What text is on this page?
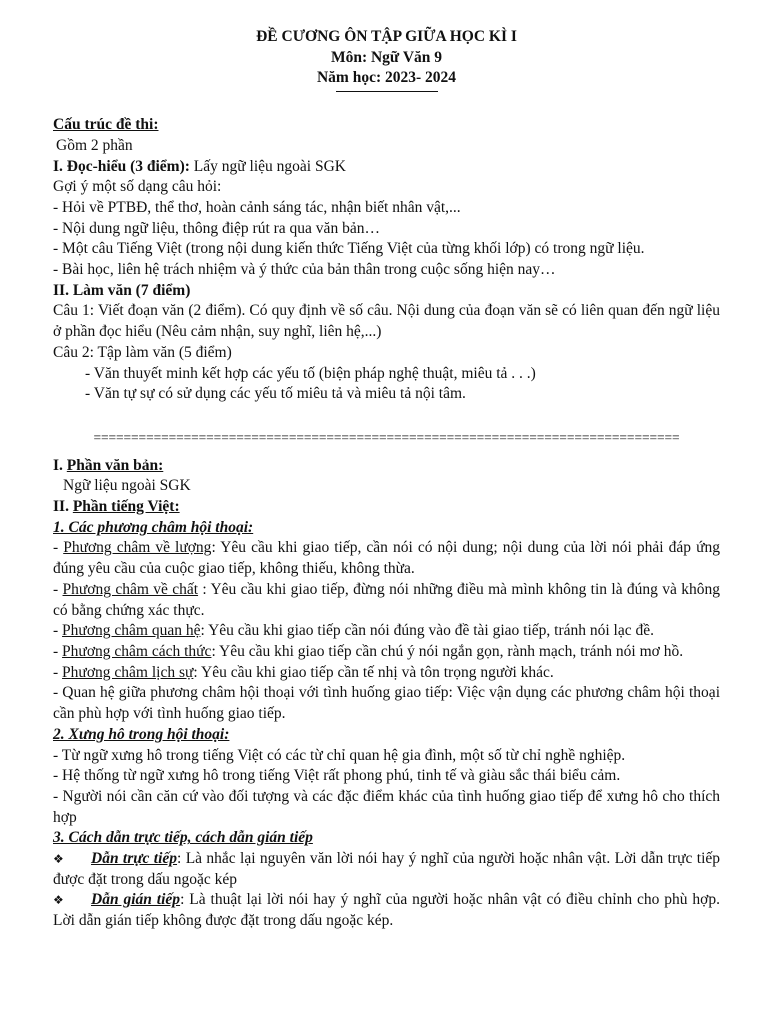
ĐỀ CƯƠNG ÔN TẬP GIỮA HỌC KÌ I
Môn: Ngữ Văn 9
Năm học: 2023- 2024

Cấu trúc đề thi:

Gồm 2 phần

I. Đọc-hiểu (3 điểm): Lấy ngữ liệu ngoài SGK

Gợi ý một số dạng câu hỏi:

- Hỏi về PTBĐ, thể thơ, hoàn cảnh sáng tác, nhận biết nhân vật,...

- Nội dung ngữ liệu, thông điệp rút ra qua văn bản…

- Một câu Tiếng Việt (trong nội dung kiến thức Tiếng Việt của từng khối lớp) có trong ngữ liệu.

- Bài học, liên hệ trách nhiệm và ý thức của bản thân trong cuộc sống hiện nay…

II. Làm văn (7 điểm)

Câu 1: Viết đoạn văn (2 điểm). Có quy định về số câu. Nội dung của đoạn văn sẽ có liên quan đến ngữ liệu ở phần đọc hiểu (Nêu cảm nhận, suy nghĩ, liên hệ,...)

Câu 2: Tập làm văn (5 điểm)

- Văn thuyết minh kết hợp các yếu tố (biện pháp nghệ thuật, miêu tả . . .)

- Văn tự sự có sử dụng các yếu tố miêu tả và miêu tả nội tâm.

==============================================================================

I. Phần văn bản:

Ngữ liệu ngoài SGK

II. Phần tiếng Việt:

1. Các phương châm hội thoại:

- Phương châm về lượng: Yêu cầu khi giao tiếp, cần nói có nội dung; nội dung của lời nói phải đáp ứng đúng yêu cầu của cuộc giao tiếp, không thiếu, không thừa.

- Phương châm về chất : Yêu cầu khi giao tiếp, đừng nói những điều mà mình không tin là đúng và không có bằng chứng xác thực.

- Phương châm quan hệ: Yêu cầu khi giao tiếp cần nói đúng vào đề tài giao tiếp, tránh nói lạc đề.

- Phương châm cách thức: Yêu cầu khi giao tiếp cần chú ý nói ngắn gọn, rành mạch, tránh nói mơ hồ.

- Phương châm lịch sự: Yêu cầu khi giao tiếp cần tế nhị và tôn trọng người khác.

- Quan hệ giữa phương châm hội thoại với tình huống giao tiếp: Việc vận dụng các phương châm hội thoại cần phù hợp với tình huống giao tiếp.

2. Xưng hô trong hội thoại:

- Từ ngữ xưng hô trong tiếng Việt có các từ chỉ quan hệ gia đình, một số từ chỉ nghề nghiệp.

- Hệ thống từ ngữ xưng hô trong tiếng Việt rất phong phú, tinh tế và giàu sắc thái biểu cảm.

- Người nói cần căn cứ vào đối tượng và các đặc điểm khác của tình huống giao tiếp để xưng hô cho thích hợp

3. Cách dẫn trực tiếp, cách dẫn gián tiếp

❖ Dẫn trực tiếp: Là nhắc lại nguyên văn lời nói hay ý nghĩ của người hoặc nhân vật. Lời dẫn trực tiếp được đặt trong dấu ngoặc kép

❖ Dẫn gián tiếp: Là thuật lại lời nói hay ý nghĩ của người hoặc nhân vật có điều chỉnh cho phù hợp. Lời dẫn gián tiếp không được đặt trong dấu ngoặc kép.
